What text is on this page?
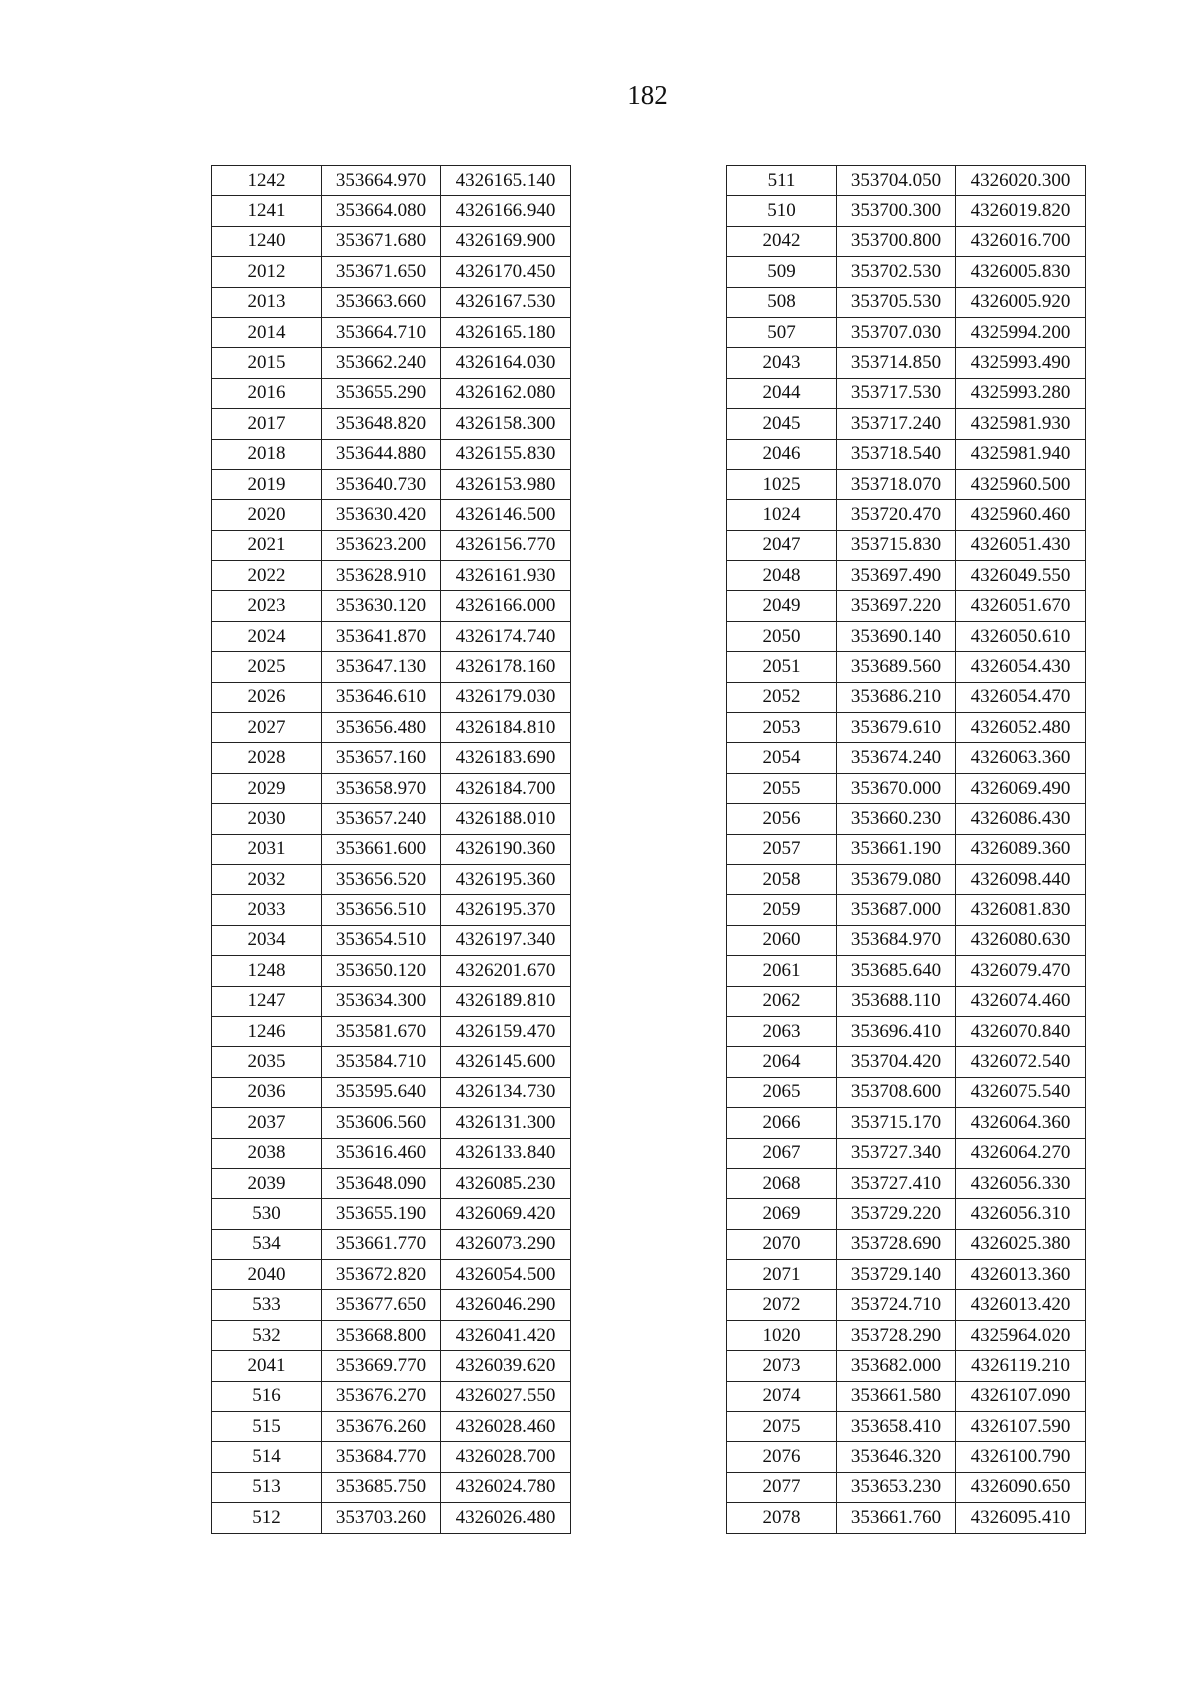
182
1242	353664.970	4326165.140
1241	353664.080	4326166.940
1240	353671.680	4326169.900
2012	353671.650	4326170.450
2013	353663.660	4326167.530
2014	353664.710	4326165.180
2015	353662.240	4326164.030
2016	353655.290	4326162.080
2017	353648.820	4326158.300
2018	353644.880	4326155.830
2019	353640.730	4326153.980
2020	353630.420	4326146.500
2021	353623.200	4326156.770
2022	353628.910	4326161.930
2023	353630.120	4326166.000
2024	353641.870	4326174.740
2025	353647.130	4326178.160
2026	353646.610	4326179.030
2027	353656.480	4326184.810
2028	353657.160	4326183.690
2029	353658.970	4326184.700
2030	353657.240	4326188.010
2031	353661.600	4326190.360
2032	353656.520	4326195.360
2033	353656.510	4326195.370
2034	353654.510	4326197.340
1248	353650.120	4326201.670
1247	353634.300	4326189.810
1246	353581.670	4326159.470
2035	353584.710	4326145.600
2036	353595.640	4326134.730
2037	353606.560	4326131.300
2038	353616.460	4326133.840
2039	353648.090	4326085.230
530	353655.190	4326069.420
534	353661.770	4326073.290
2040	353672.820	4326054.500
533	353677.650	4326046.290
532	353668.800	4326041.420
2041	353669.770	4326039.620
516	353676.270	4326027.550
515	353676.260	4326028.460
514	353684.770	4326028.700
513	353685.750	4326024.780
512	353703.260	4326026.480
511	353704.050	4326020.300
510	353700.300	4326019.820
2042	353700.800	4326016.700
509	353702.530	4326005.830
508	353705.530	4326005.920
507	353707.030	4325994.200
2043	353714.850	4325993.490
2044	353717.530	4325993.280
2045	353717.240	4325981.930
2046	353718.540	4325981.940
1025	353718.070	4325960.500
1024	353720.470	4325960.460
2047	353715.830	4326051.430
2048	353697.490	4326049.550
2049	353697.220	4326051.670
2050	353690.140	4326050.610
2051	353689.560	4326054.430
2052	353686.210	4326054.470
2053	353679.610	4326052.480
2054	353674.240	4326063.360
2055	353670.000	4326069.490
2056	353660.230	4326086.430
2057	353661.190	4326089.360
2058	353679.080	4326098.440
2059	353687.000	4326081.830
2060	353684.970	4326080.630
2061	353685.640	4326079.470
2062	353688.110	4326074.460
2063	353696.410	4326070.840
2064	353704.420	4326072.540
2065	353708.600	4326075.540
2066	353715.170	4326064.360
2067	353727.340	4326064.270
2068	353727.410	4326056.330
2069	353729.220	4326056.310
2070	353728.690	4326025.380
2071	353729.140	4326013.360
2072	353724.710	4326013.420
1020	353728.290	4325964.020
2073	353682.000	4326119.210
2074	353661.580	4326107.090
2075	353658.410	4326107.590
2076	353646.320	4326100.790
2077	353653.230	4326090.650
2078	353661.760	4326095.410
